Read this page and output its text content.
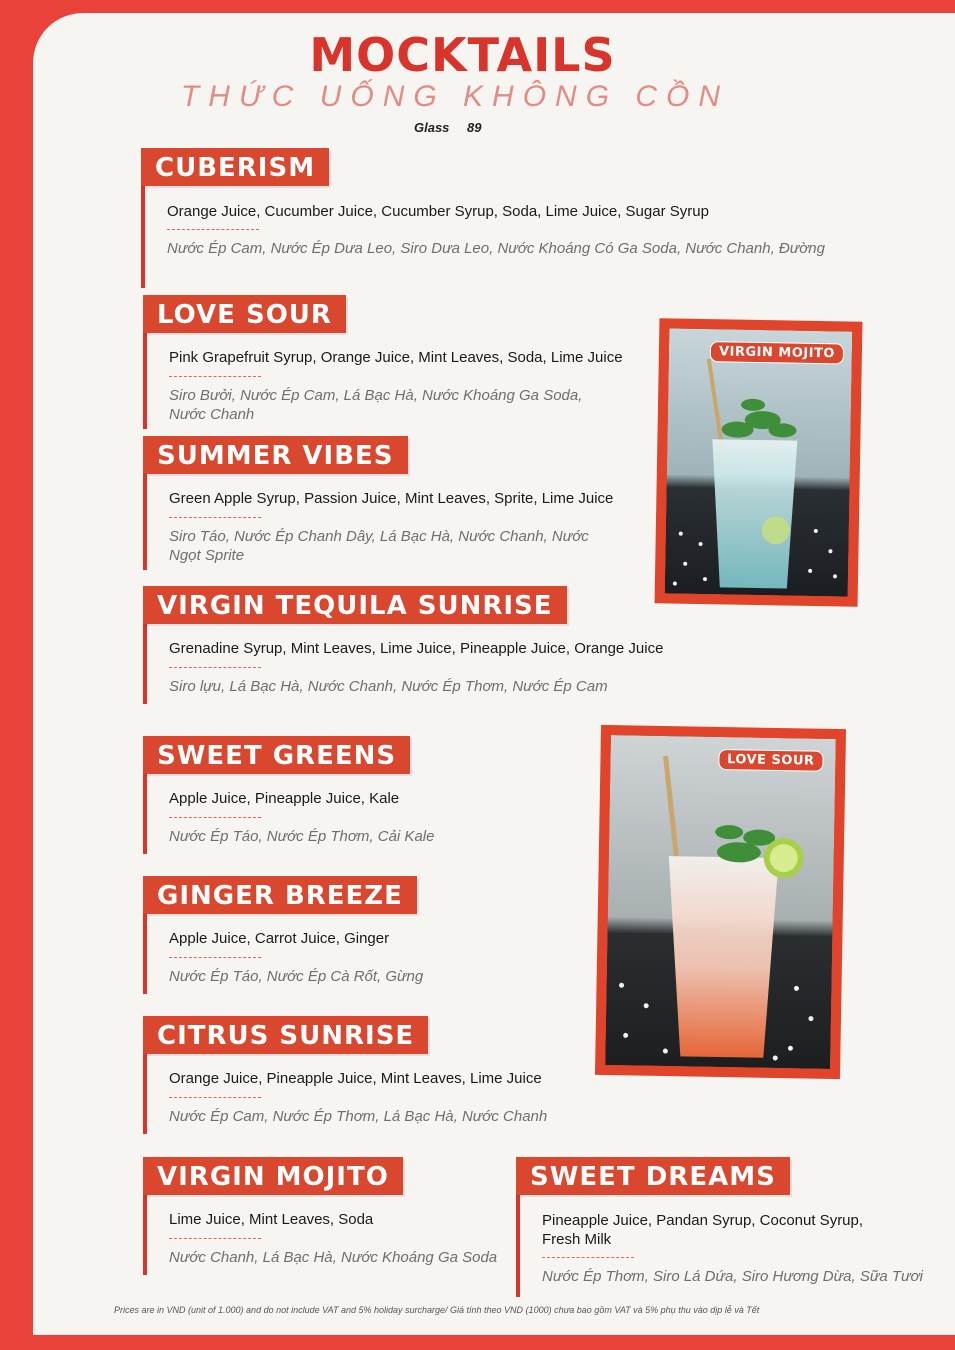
MOCKTAILS
THỨC UỐNG KHÔNG CỒN
Glass 89
CUBERISM
Orange Juice, Cucumber Juice, Cucumber Syrup, Soda, Lime Juice, Sugar Syrup
Nước Ép Cam, Nước Ép Dưa Leo, Siro Dưa Leo, Nước Khoáng Có Ga Soda, Nước Chanh, Đường
LOVE SOUR
Pink Grapefruit Syrup, Orange Juice, Mint Leaves, Soda, Lime Juice
Siro Bưởi, Nước Ép Cam, Lá Bạc Hà, Nước Khoáng Ga Soda, Nước Chanh
SUMMER VIBES
Green Apple Syrup, Passion Juice, Mint Leaves, Sprite, Lime Juice
Siro Táo, Nước Ép Chanh Dây, Lá Bạc Hà, Nước Chanh, Nước Ngọt Sprite
VIRGIN TEQUILA SUNRISE
Grenadine Syrup, Mint Leaves, Lime Juice, Pineapple Juice, Orange Juice
Siro lựu, Lá Bạc Hà, Nước Chanh, Nước Ép Thơm, Nước Ép Cam
SWEET GREENS
Apple Juice, Pineapple Juice, Kale
Nước Ép Táo, Nước Ép Thơm, Cải Kale
GINGER BREEZE
Apple Juice, Carrot Juice, Ginger
Nước Ép Táo, Nước Ép Cà Rốt, Gừng
CITRUS SUNRISE
Orange Juice, Pineapple Juice, Mint Leaves, Lime Juice
Nước Ép Cam, Nước Ép Thơm, Lá Bạc Hà, Nước Chanh
VIRGIN MOJITO
Lime Juice, Mint Leaves, Soda
Nước Chanh, Lá Bạc Hà, Nước Khoáng Ga Soda
SWEET DREAMS
Pineapple Juice, Pandan Syrup, Coconut Syrup, Fresh Milk
Nước Ép Thơm, Siro Lá Dứa, Siro Hương Dừa, Sữa Tươi
VIRGIN MOJITO
LOVE SOUR
Prices are in VND (unit of 1.000) and do not include VAT and 5% holiday surcharge/ Giá tính theo VND (1000) chưa bao gồm VAT và 5% phụ thu vào dịp lễ và Tết
